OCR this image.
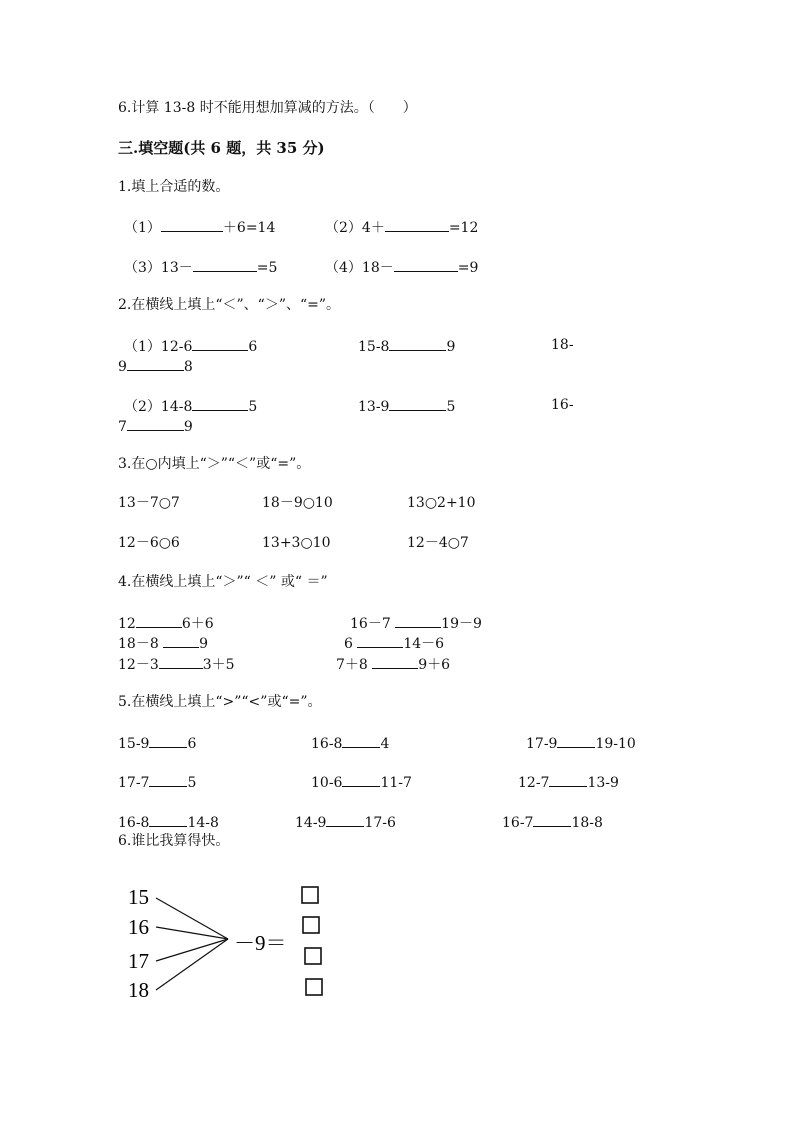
6.计算 13-8 时不能用想加算减的方法。（　　）
三.填空题(共 6 题，共 35 分)
1.填上合适的数。
（1）	＋6=14	（2）4＋	=12
（3）13－	=5	（4）18－	=9
2.在横线上填上“＜”、“＞”、“=”。
（1）12-6	6	15-8	9	18-
9	8
（2）14-8	5	13-9	5	16-
7	9
3.在○内填上“＞”“＜”或“=”。
13－7○7	18－9○10	13○2+10
12－6○6	13+3○10	12－4○7
4.在横线上填上“＞”“ ＜” 或“ ＝”
12	6＋6	16－7	19－9
18－8	9	6	14－6
12－3	3＋5	7＋8	9＋6
5.在横线上填上“>”“<”或“=”。
15-9	6	16-8	4	17-9	19-10
17-7	5	10-6	11-7	12-7	13-9
16-8	14-8	14-9	17-6	16-7	18-8
6.谁比我算得快。
15
16
17
18
－9＝
